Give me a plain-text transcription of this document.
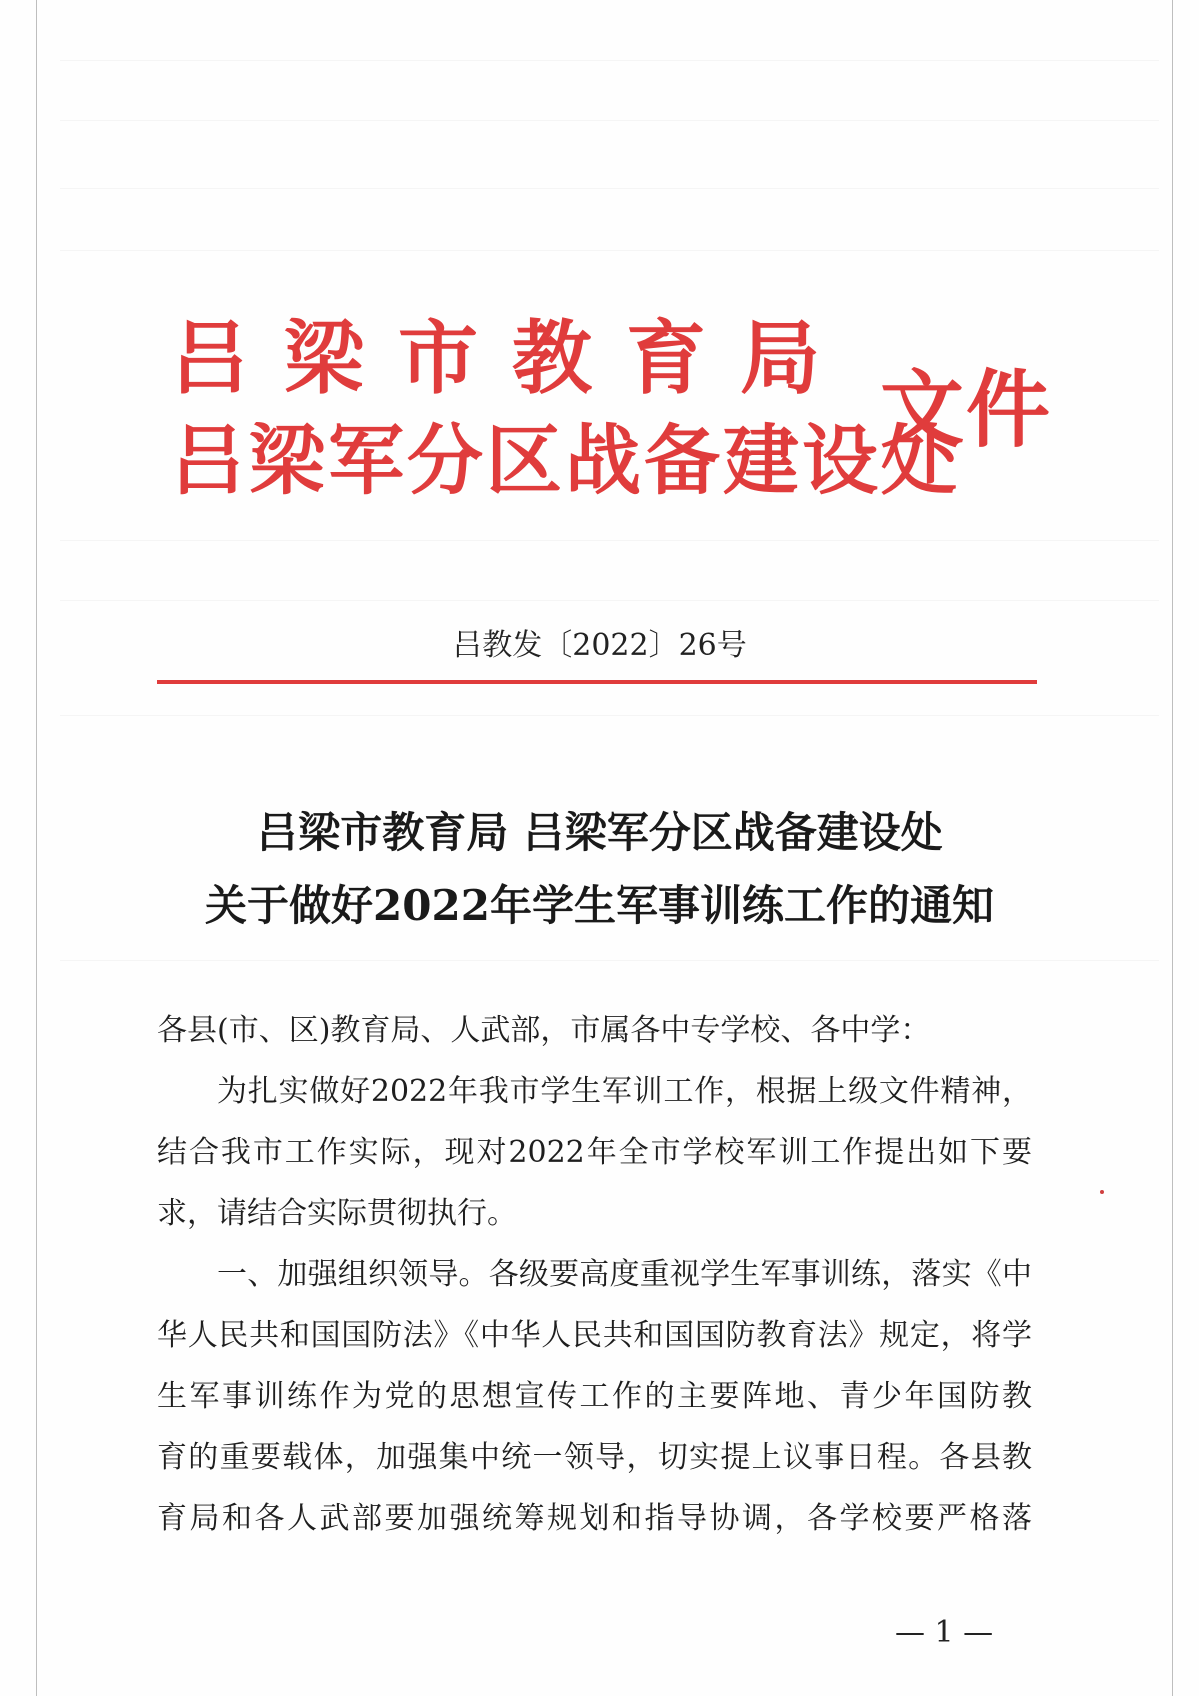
吕梁市教育局
吕梁军分区战备建设处
文件
吕教发〔2022〕26号
吕梁市教育局 吕梁军分区战备建设处
关于做好2022年学生军事训练工作的通知
各县(市、区)教育局、人武部，市属各中专学校、各中学：
为扎实做好2022年我市学生军训工作，根据上级文件精神，
结合我市工作实际，现对2022年全市学校军训工作提出如下要
求，请结合实际贯彻执行。
一、加强组织领导。各级要高度重视学生军事训练，落实《中
华人民共和国国防法》《中华人民共和国国防教育法》规定，将学
生军事训练作为党的思想宣传工作的主要阵地、青少年国防教
育的重要载体，加强集中统一领导，切实提上议事日程。各县教
育局和各人武部要加强统筹规划和指导协调，各学校要严格落
— 1 —
